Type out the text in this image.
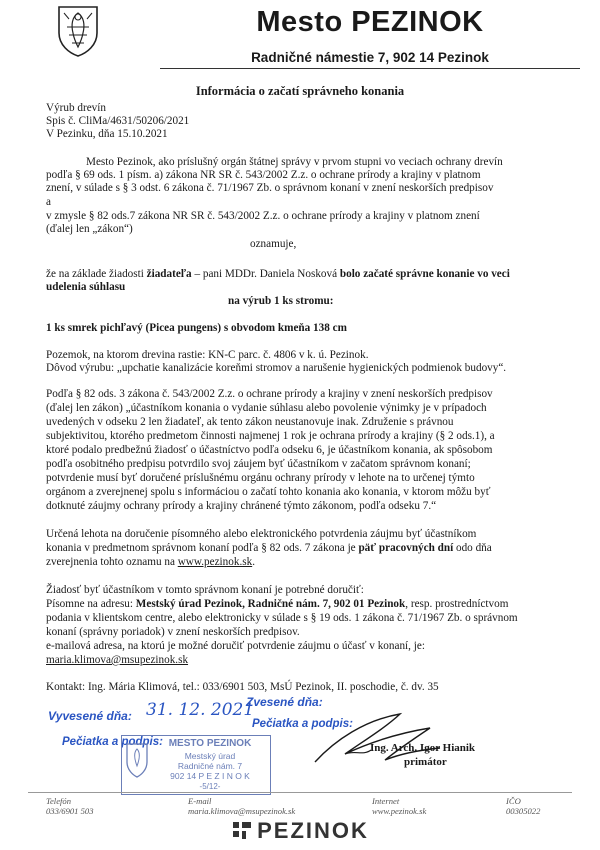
Mesto PEZINOK
Radničné námestie 7, 902 14 Pezinok
Informácia o začatí správneho konania
Výrub drevín
Spis č. CliMa/4631/50206/2021
V Pezinku, dňa 15.10.2021
Mesto Pezinok, ako príslušný orgán štátnej správy v prvom stupni vo veciach ochrany drevín
podľa § 69 ods. 1 písm. a) zákona NR SR č. 543/2002 Z.z. o ochrane prírody a krajiny v platnom
znení, v súlade s § 3 odst. 6 zákona č. 71/1967 Zb. o správnom konaní v znení neskorších predpisov
a
v zmysle § 82 ods.7 zákona NR SR č. 543/2002 Z.z. o ochrane prírody a krajiny v platnom znení
(ďalej len „zákon“)
oznamuje,
že na základe žiadosti žiadateľa – pani MDDr. Daniela Nosková bolo začaté správne konanie vo veci
udelenia súhlasu
na výrub 1 ks stromu:
1 ks smrek pichľavý (Picea pungens) s obvodom kmeňa 138 cm
Pozemok, na ktorom drevina rastie: KN-C parc. č. 4806 v k. ú. Pezinok.
Dôvod výrubu: „upchatie kanalizácie koreňmi stromov a narušenie hygienických podmienok budovy“.
Podľa § 82 ods. 3 zákona č. 543/2002 Z.z. o ochrane prírody a krajiny v znení neskorších predpisov
(ďalej len zákon) „účastníkom konania o vydanie súhlasu alebo povolenie výnimky je v prípadoch
uvedených v odseku 2 len žiadateľ, ak tento zákon neustanovuje inak. Združenie s právnou
subjektivitou, ktorého predmetom činnosti najmenej 1 rok je ochrana prírody a krajiny (§ 2 ods.1), a
ktoré podalo predbežnú žiadosť o účastníctvo podľa odseku 6, je účastníkom konania, ak spôsobom
podľa osobitného predpisu potvrdilo svoj záujem byť účastníkom v začatom správnom konaní;
potvrdenie musí byť doručené príslušnému orgánu ochrany prírody v lehote na to určenej týmto
orgánom a zverejnenej spolu s informáciou o začatí tohto konania ako konania, v ktorom môžu byť
dotknuté záujmy ochrany prírody a krajiny chránené týmto zákonom, podľa odseku 7.“
Určená lehota na doručenie písomného alebo elektronického potvrdenia záujmu byť účastníkom
konania v predmetnom správnom konaní podľa § 82 ods. 7 zákona je päť pracovných dní odo dňa
zverejnenia tohto oznamu na www.pezinok.sk.
Žiadosť byť účastníkom v tomto správnom konaní je potrebné doručiť:
Písomne na adresu: Mestský úrad Pezinok, Radničné nám. 7, 902 01 Pezinok, resp. prostredníctvom
podania v klientskom centre, alebo elektronicky v súlade s § 19 ods. 1 zákona č. 71/1967 Zb. o správnom
konaní (správny poriadok) v znení neskorších predpisov.
e-mailová adresa, na ktorú je možné doručiť potvrdenie záujmu o účasť v konaní, je:
maria.klimova@msupezinok.sk
Kontakt: Ing. Mária Klimová, tel.: 033/6901 503, MsÚ Pezinok, II. poschodie, č. dv. 35
Vyvesené dňa: 31. 12. 2021
Zvesené dňa:
Pečiatka a podpis:
Pečiatka a podpis:
MESTO PEZINOK
Mestský úrad
Radničné nám. 7
902 14 P E Z I N O K
-5/12-
Ing. Arch. Igor Hianik
primátor
Telefón
033/6901 503
E-mail
maria.klimova@msupezinok.sk
Internet
www.pezinok.sk
IČO
00305022
PEZINOK
